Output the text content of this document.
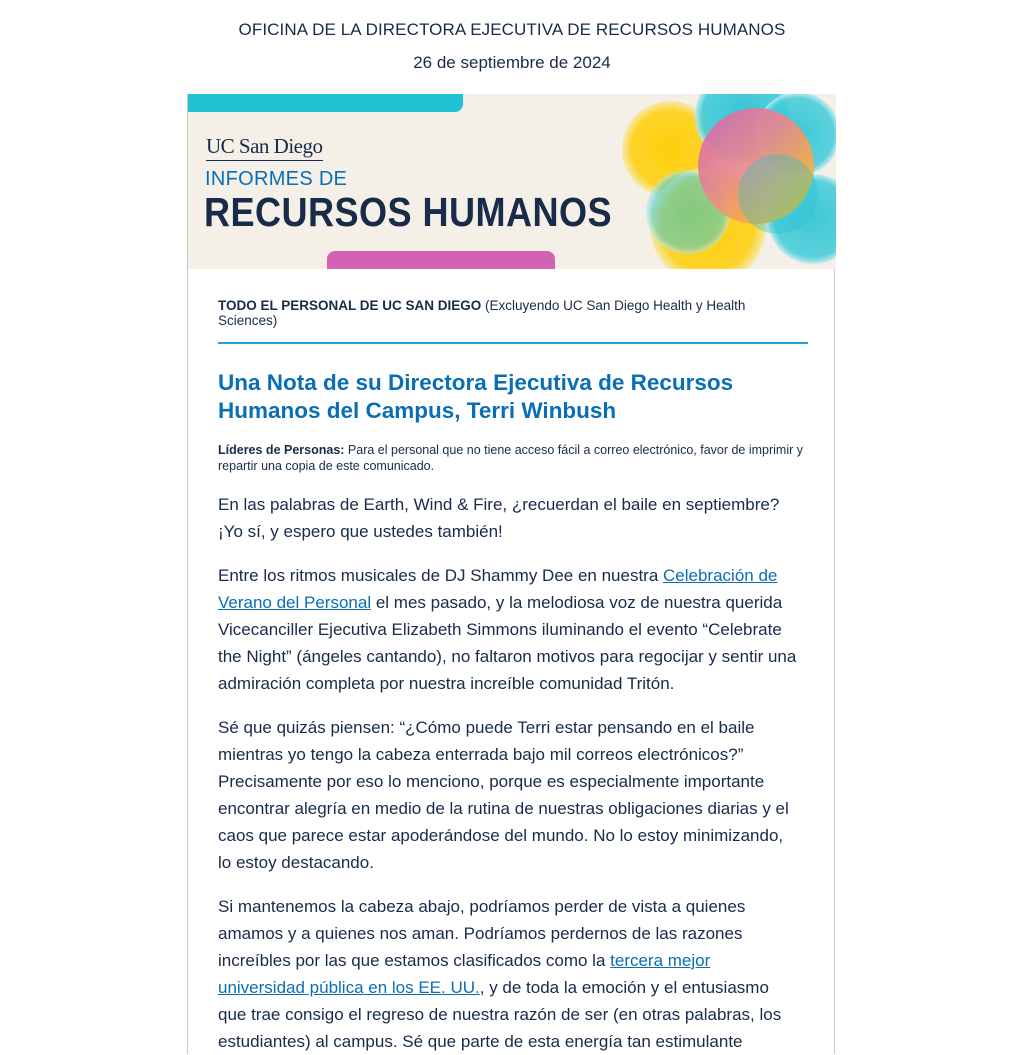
OFICINA DE LA DIRECTORA EJECUTIVA DE RECURSOS HUMANOS
26 de septiembre de 2024
UC San Diego
INFORMES DE
RECURSOS HUMANOS
TODO EL PERSONAL DE UC SAN DIEGO (Excluyendo UC San Diego Health y Health Sciences)
Una Nota de su Directora Ejecutiva de Recursos Humanos del Campus, Terri Winbush
Líderes de Personas: Para el personal que no tiene acceso fácil a correo electrónico, favor de imprimir y repartir una copia de este comunicado.
En las palabras de Earth, Wind & Fire, ¿recuerdan el baile en septiembre? ¡Yo sí, y espero que ustedes también!
Entre los ritmos musicales de DJ Shammy Dee en nuestra Celebración de Verano del Personal el mes pasado, y la melodiosa voz de nuestra querida Vicecanciller Ejecutiva Elizabeth Simmons iluminando el evento “Celebrate the Night” (ángeles cantando), no faltaron motivos para regocijar y sentir una admiración completa por nuestra increíble comunidad Tritón.
Sé que quizás piensen: “¿Cómo puede Terri estar pensando en el baile mientras yo tengo la cabeza enterrada bajo mil correos electrónicos?” Precisamente por eso lo menciono, porque es especialmente importante encontrar alegría en medio de la rutina de nuestras obligaciones diarias y el caos que parece estar apoderándose del mundo. No lo estoy minimizando, lo estoy destacando.
Si mantenemos la cabeza abajo, podríamos perder de vista a quienes amamos y a quienes nos aman. Podríamos perdernos de las razones increíbles por las que estamos clasificados como la tercera mejor universidad pública en los EE. UU., y de toda la emoción y el entusiasmo que trae consigo el regreso de nuestra razón de ser (en otras palabras, los estudiantes) al campus. Sé que parte de esta energía tan estimulante
